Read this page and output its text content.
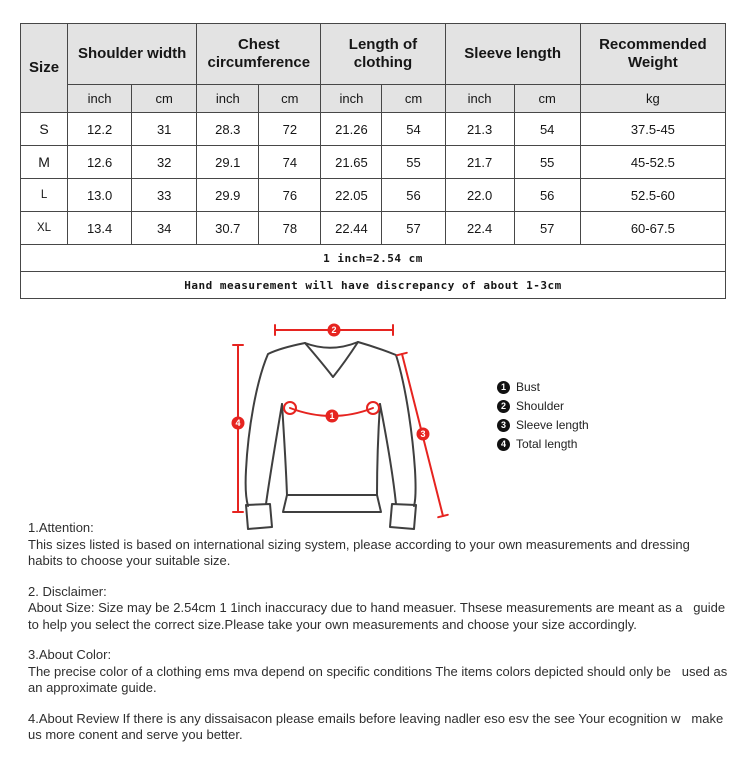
Size	Shoulder width		Chest circumference		Length of clothing		Sleeve length		Recommended Weight
	inch	cm	inch	cm	inch	cm	inch	cm	kg
S	12.2	31	28.3	72	21.26	54	21.3	54	37.5-45
M	12.6	32	29.1	74	21.65	55	21.7	55	45-52.5
L	13.0	33	29.9	76	22.05	56	22.0	56	52.5-60
XL	13.4	34	30.7	78	22.44	57	22.4	57	60-67.5
1 inch=2.54 cm									
Hand measurement will have discrepancy of about 1-3cm									
1
2
3
4
1 Bust
2 Shoulder
3 Sleeve length
4 Total length
1.Attention:
This sizes listed is based on international sizing system, please according to your own measurements and dressing   habits to choose your suitable size.
2. Disclaimer:
About Size: Size may be 2.54cm 1 1inch inaccuracy due to hand measuer. Thsese measurements are meant as a   guide to help you select the correct size.Please take your own measurements and choose your size accordingly.
3.About Color:
The precise color of a clothing ems mva depend on specific conditions The items colors depicted should only be   used as an approximate guide.
4.About Review If there is any dissaisacon please emails before leaving nadler eso esv the see Your ecognition w   make us more conent and serve you better.
